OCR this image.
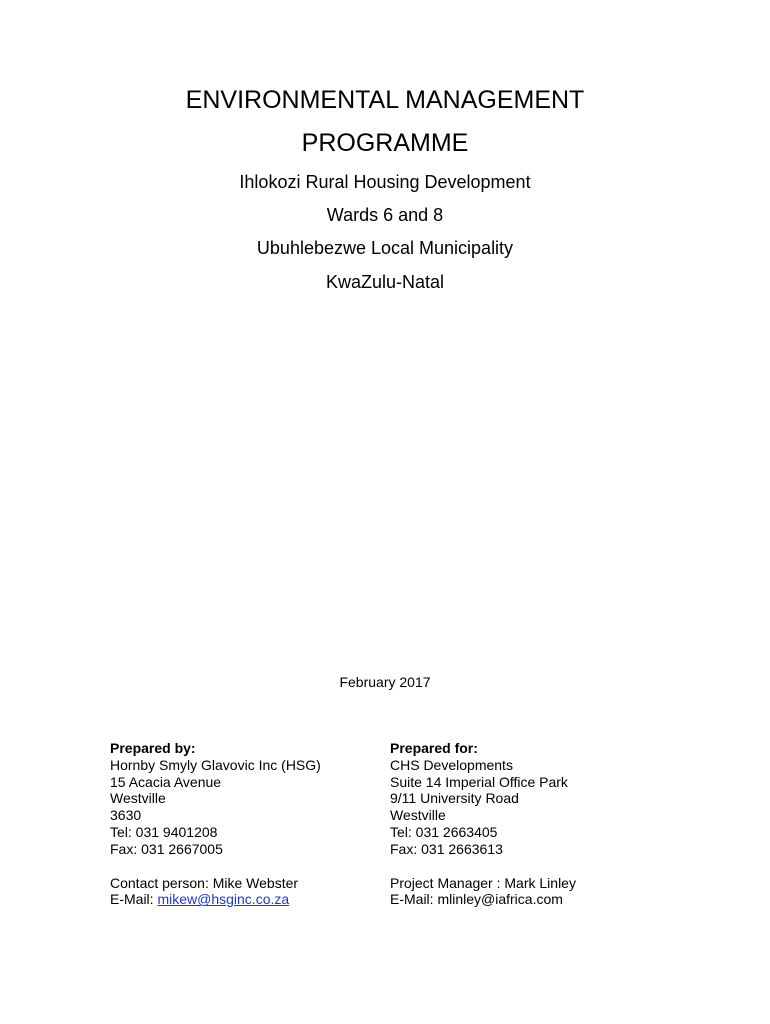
ENVIRONMENTAL MANAGEMENT
PROGRAMME
Ihlokozi Rural Housing Development
Wards 6 and 8
Ubuhlebezwe Local Municipality
KwaZulu-Natal
February 2017
Prepared by:
Hornby Smyly Glavovic Inc (HSG)
15 Acacia Avenue
Westville
3630
Tel: 031 9401208
Fax: 031 2667005
Contact person: Mike Webster
E-Mail: mikew@hsginc.co.za
Prepared for:
CHS Developments
Suite 14 Imperial Office Park
9/11 University Road
Westville
Tel: 031 2663405
Fax: 031 2663613
Project Manager : Mark Linley
E-Mail: mlinley@iafrica.com
